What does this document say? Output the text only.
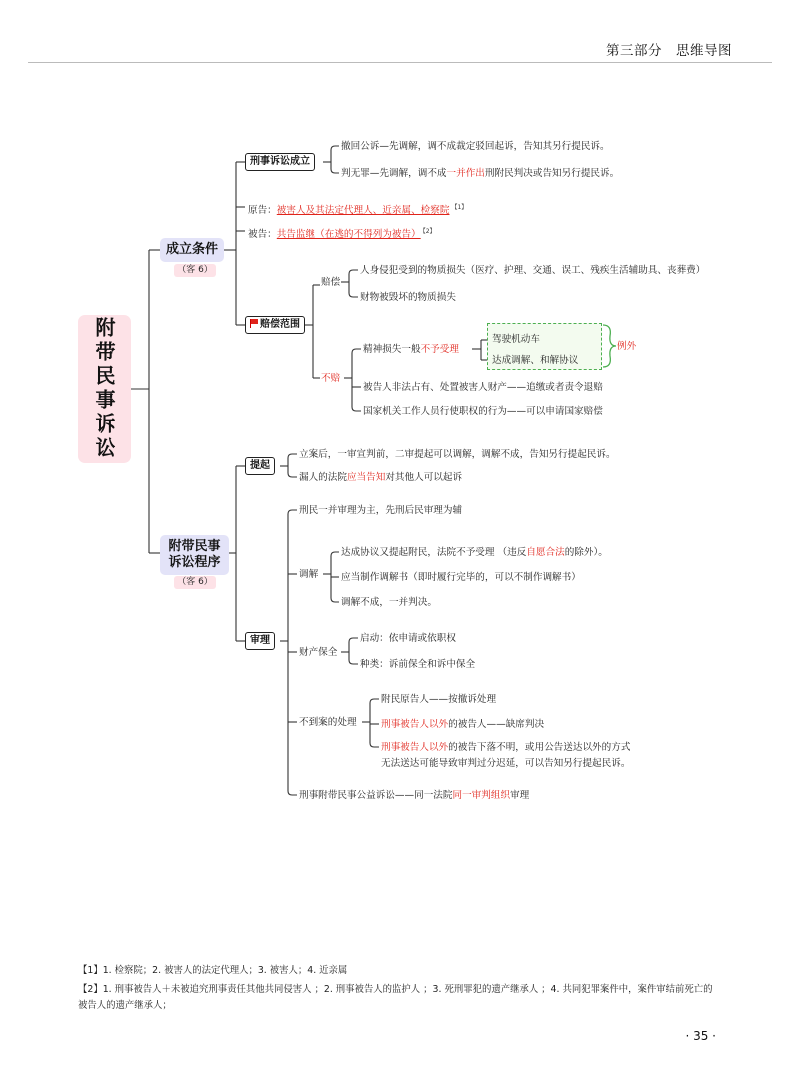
第三部分　思维导图
附带民事诉讼
成立条件
（客 6）
刑事诉讼成立
撤回公诉—先调解，调不成裁定驳回起诉，告知其另行提民诉。
判无罪—先调解，调不成一并作出刑附民判决或告知另行提民诉。
原告：被害人及其法定代理人、近亲属、检察院 $^{【1】}$
被告：共告监继（在逃的不得列为被告） $^{【2】}$
赔偿范围
赔偿
人身侵犯受到的物质损失（医疗、护理、交通、误工、残疾生活辅助具、丧葬费）
财物被毁坏的物质损失
不赔
精神损失一般不予受理
被告人非法占有、处置被害人财产——追缴或者责令退赔
国家机关工作人员行使职权的行为——可以申请国家赔偿
驾驶机动车
达成调解、和解协议
例外
附带民事
诉讼程序
（客 6）
提起
立案后，一审宣判前，二审提起可以调解，调解不成，告知另行提起民诉。
漏人的法院应当告知对其他人可以起诉
审理
刑民一并审理为主，先刑后民审理为辅
调解
达成协议又提起附民，法院不予受理 （违反自愿合法的除外）。
应当制作调解书（即时履行完毕的，可以不制作调解书）
调解不成，一并判决。
财产保全
启动：依申请或依职权
种类：诉前保全和诉中保全
不到案的处理
附民原告人——按撤诉处理
刑事被告人以外的被告人——缺席判决
刑事被告人以外的被告下落不明，或用公告送达以外的方式
无法送达可能导致审判过分迟延，可以告知另行提起民诉。
刑事附带民事公益诉讼——同一法院同一审判组织审理
【1】1. 检察院；2. 被害人的法定代理人；3. 被害人；4. 近亲属
【2】1. 刑事被告人＋未被追究刑事责任其他共同侵害人 ；2. 刑事被告人的监护人 ；3. 死刑罪犯的遗产继承人 ；4. 共同犯罪案件中，案件审结前死亡的
被告人的遗产继承人；
· 35 ·
